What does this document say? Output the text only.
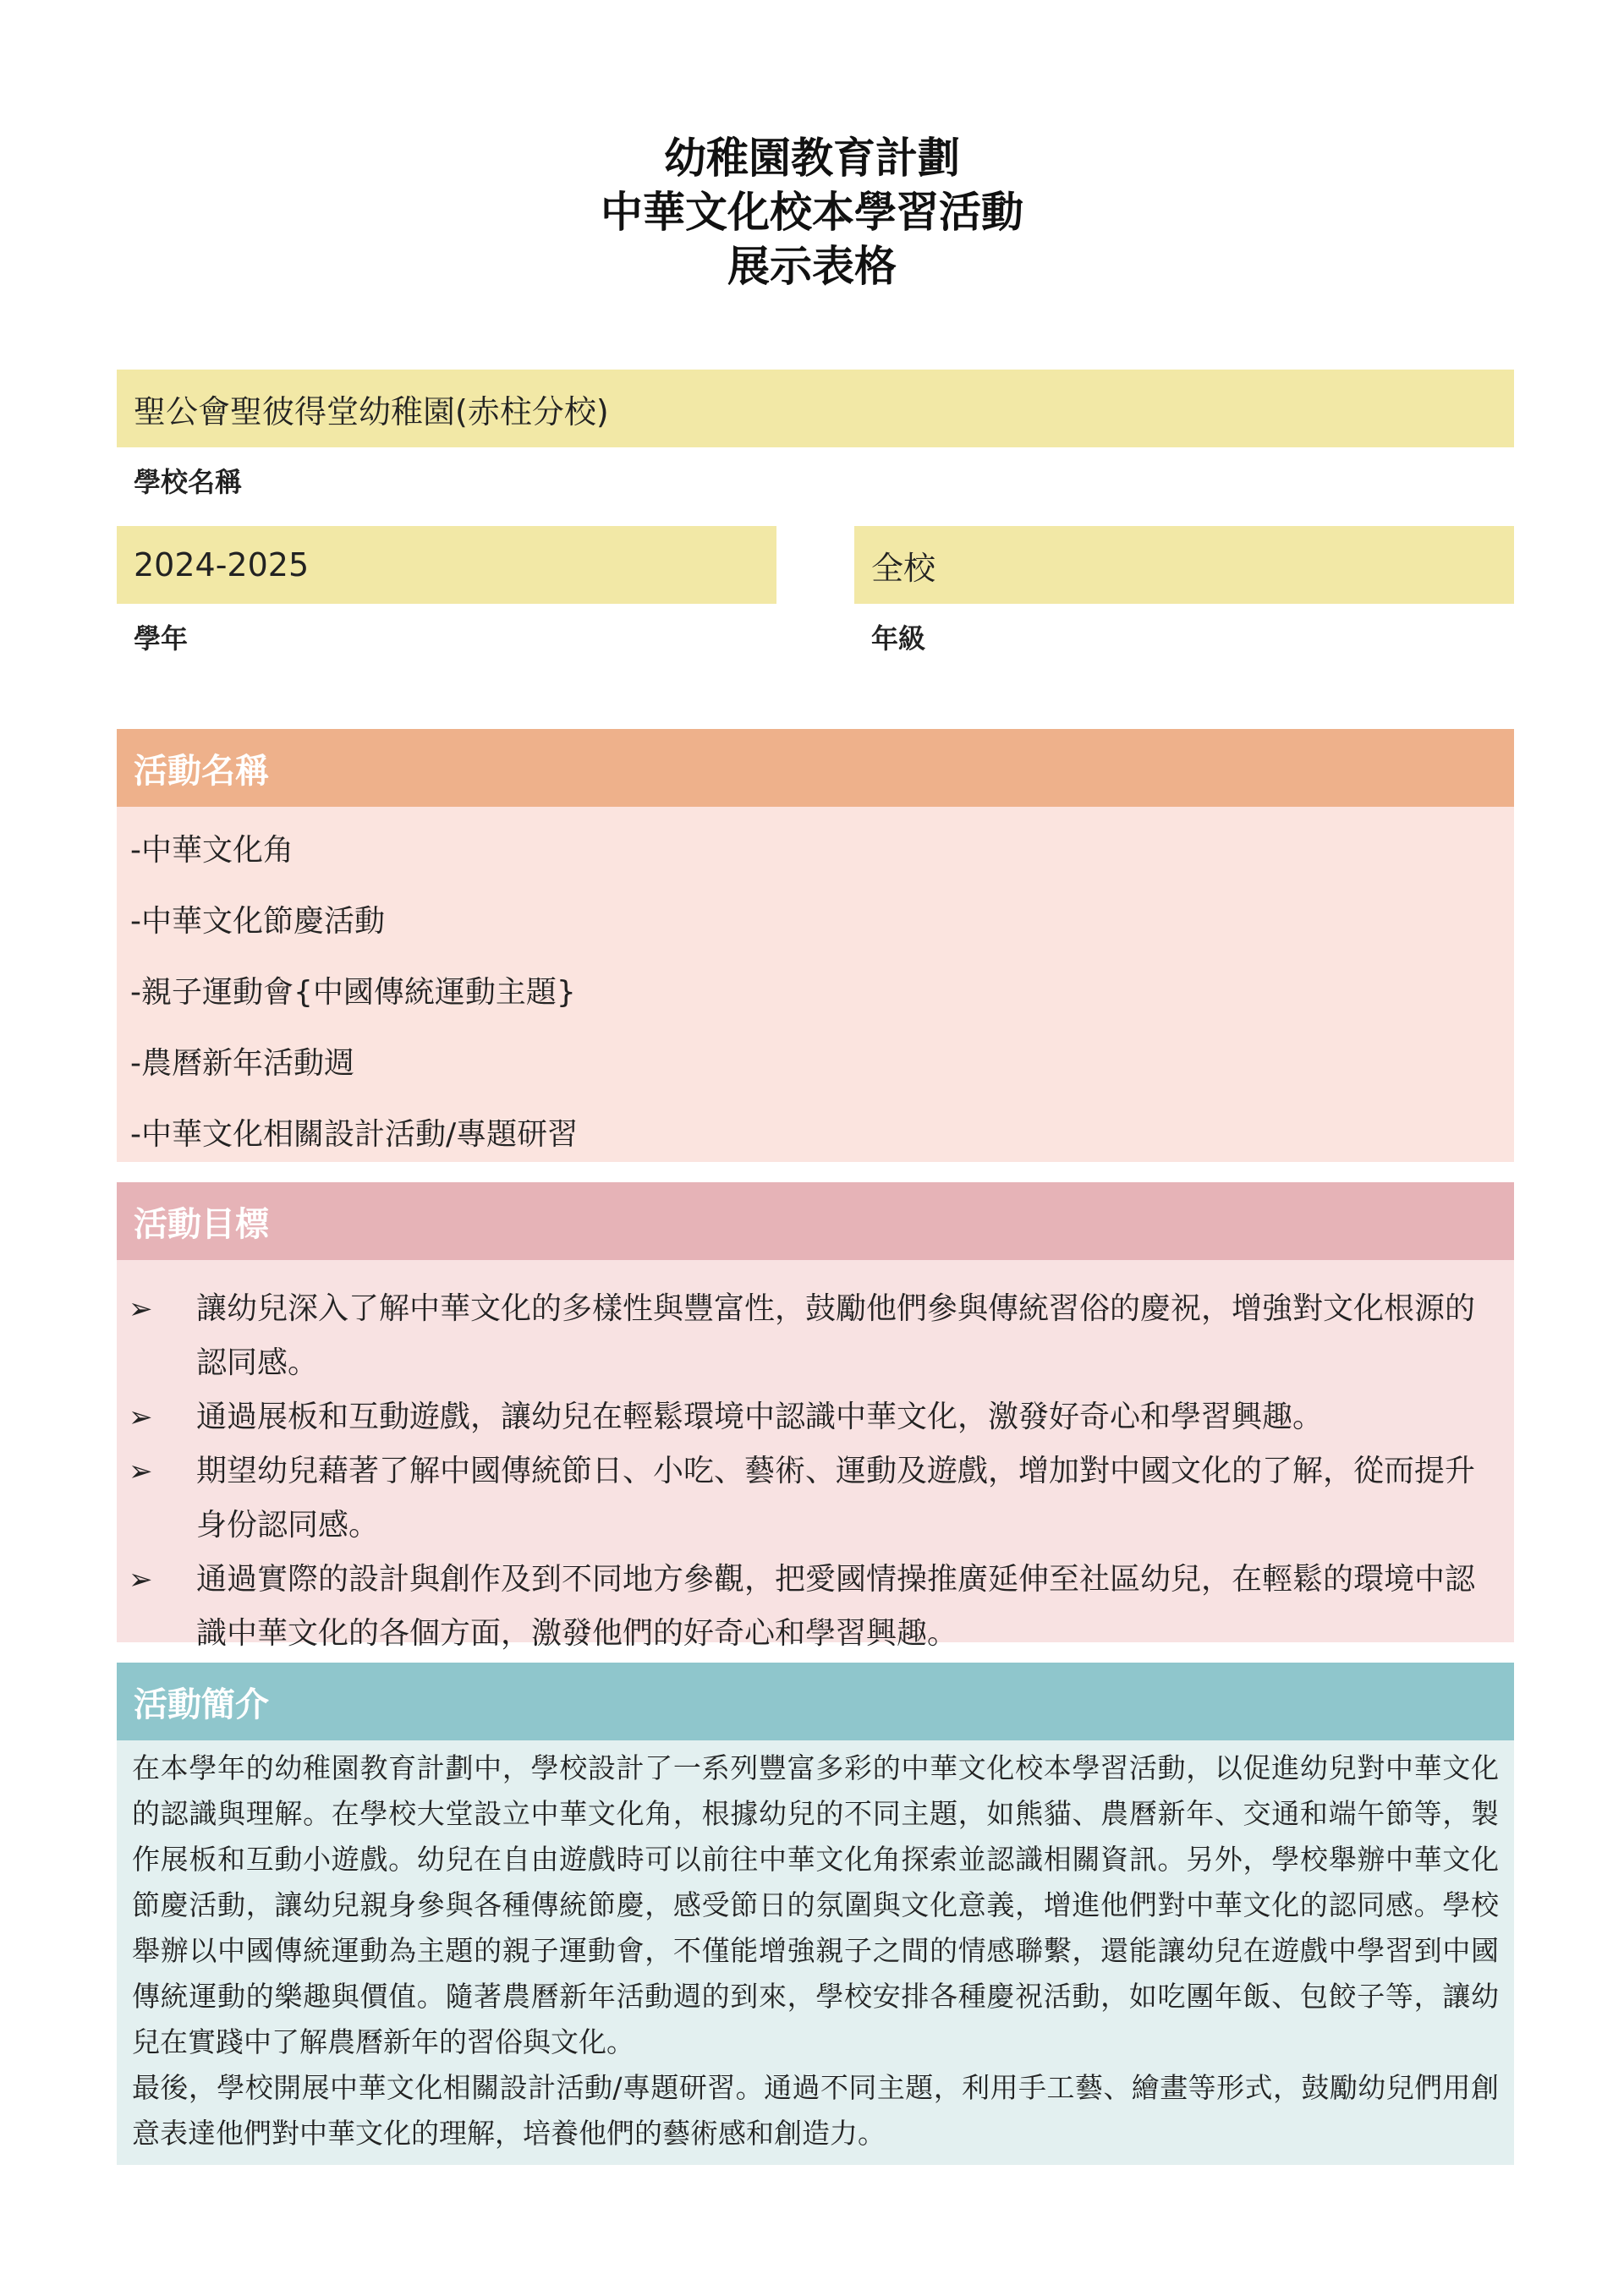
幼稚園教育計劃
中華文化校本學習活動
展示表格
聖公會聖彼得堂幼稚園(赤柱分校)
學校名稱
2024-2025
學年
全校
年級
活動名稱
-中華文化角
-中華文化節慶活動
-親子運動會{中國傳統運動主題}
-農曆新年活動週
-中華文化相關設計活動/專題研習
活動目標
➢	讓幼兒深入了解中華文化的多樣性與豐富性，鼓勵他們參與傳統習俗的慶祝，增強對文化根源的認同感。
➢	通過展板和互動遊戲，讓幼兒在輕鬆環境中認識中華文化，激發好奇心和學習興趣。
➢	期望幼兒藉著了解中國傳統節日、小吃、藝術、運動及遊戲，增加對中國文化的了解，從而提升身份認同感。
➢	通過實際的設計與創作及到不同地方參觀，把愛國情操推廣延伸至社區幼兒，在輕鬆的環境中認識中華文化的各個方面，激發他們的好奇心和學習興趣。
活動簡介

在本學年的幼稚園教育計劃中，學校設計了一系列豐富多彩的中華文化校本學習活動，以促進幼兒對中華文化的認識與理解。在學校大堂設立中華文化角，根據幼兒的不同主題，如熊貓、農曆新年、交通和端午節等，製作展板和互動小遊戲。幼兒在自由遊戲時可以前往中華文化角探索並認識相關資訊。另外，學校舉辦中華文化節慶活動，讓幼兒親身參與各種傳統節慶，感受節日的氛圍與文化意義，增進他們對中華文化的認同感。學校舉辦以中國傳統運動為主題的親子運動會，不僅能增強親子之間的情感聯繫，還能讓幼兒在遊戲中學習到中國傳統運動的樂趣與價值。隨著農曆新年活動週的到來，學校安排各種慶祝活動，如吃團年飯、包餃子等，讓幼兒在實踐中了解農曆新年的習俗與文化。

最後，學校開展中華文化相關設計活動/專題研習。通過不同主題，利用手工藝、繪畫等形式，鼓勵幼兒們用創意表達他們對中華文化的理解，培養他們的藝術感和創造力。
